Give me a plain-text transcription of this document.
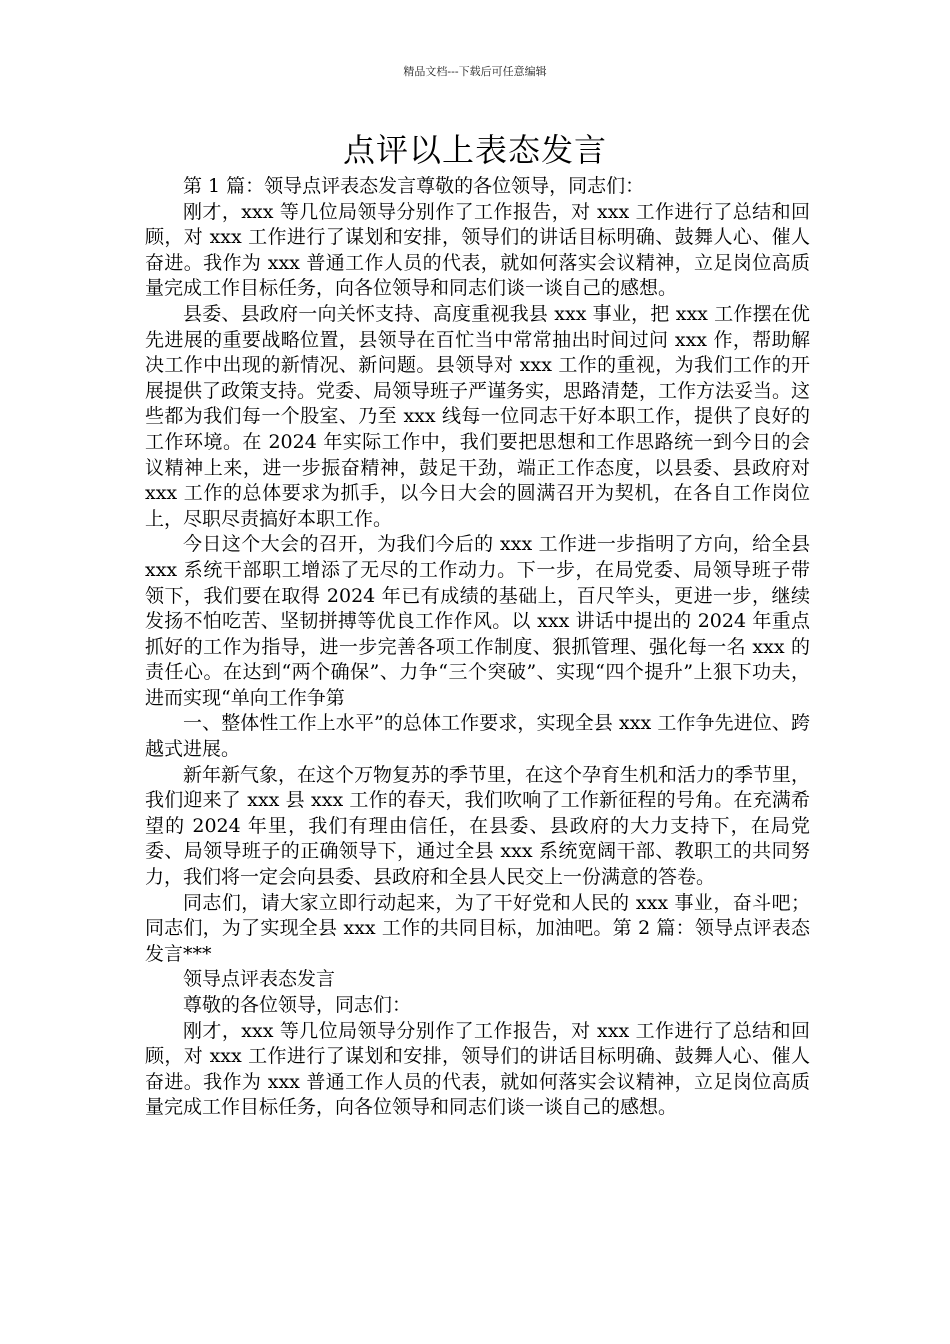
精品文档---下载后可任意编辑
点评以上表态发言

第 1 篇：领导点评表态发言尊敬的各位领导，同志们：

刚才，xxx 等几位局领导分别作了工作报告，对 xxx 工作进行了总结和回顾，对 xxx 工作进行了谋划和安排，领导们的讲话目标明确、鼓舞人心、催人奋进。我作为 xxx 普通工作人员的代表，就如何落实会议精神，立足岗位高质量完成工作目标任务，向各位领导和同志们谈一谈自己的感想。

县委、县政府一向关怀支持、高度重视我县 xxx 事业，把 xxx 工作摆在优先进展的重要战略位置，县领导在百忙当中常常抽出时间过问 xxx 作，帮助解决工作中出现的新情况、新问题。县领导对 xxx 工作的重视，为我们工作的开展提供了政策支持。党委、局领导班子严谨务实，思路清楚，工作方法妥当。这些都为我们每一个股室、乃至 xxx 线每一位同志干好本职工作，提供了良好的工作环境。在 2024 年实际工作中，我们要把思想和工作思路统一到今日的会议精神上来，进一步振奋精神，鼓足干劲，端正工作态度，以县委、县政府对 xxx 工作的总体要求为抓手，以今日大会的圆满召开为契机，在各自工作岗位上，尽职尽责搞好本职工作。

今日这个大会的召开，为我们今后的 xxx 工作进一步指明了方向，给全县 xxx 系统干部职工增添了无尽的工作动力。下一步，在局党委、局领导班子带领下，我们要在取得 2024 年已有成绩的基础上，百尺竿头，更进一步，继续发扬不怕吃苦、坚韧拼搏等优良工作作风。以 xxx 讲话中提出的 2024 年重点抓好的工作为指导，进一步完善各项工作制度、狠抓管理、强化每一名 xxx 的责任心。在达到“两个确保”、力争“三个突破”、实现“四个提升”上狠下功夫，进而实现“单向工作争第

一、整体性工作上水平”的总体工作要求，实现全县 xxx 工作争先进位、跨越式进展。

新年新气象，在这个万物复苏的季节里，在这个孕育生机和活力的季节里，我们迎来了 xxx 县 xxx 工作的春天，我们吹响了工作新征程的号角。在充满希望的 2024 年里，我们有理由信任，在县委、县政府的大力支持下，在局党委、局领导班子的正确领导下，通过全县 xxx 系统宽阔干部、教职工的共同努力，我们将一定会向县委、县政府和全县人民交上一份满意的答卷。

同志们，请大家立即行动起来，为了干好党和人民的 xxx 事业，奋斗吧；同志们，为了实现全县 xxx 工作的共同目标，加油吧。第 2 篇：领导点评表态发言***

领导点评表态发言

尊敬的各位领导，同志们：

刚才，xxx 等几位局领导分别作了工作报告，对 xxx 工作进行了总结和回顾，对 xxx 工作进行了谋划和安排，领导们的讲话目标明确、鼓舞人心、催人奋进。我作为 xxx 普通工作人员的代表，就如何落实会议精神，立足岗位高质量完成工作目标任务，向各位领导和同志们谈一谈自己的感想。
